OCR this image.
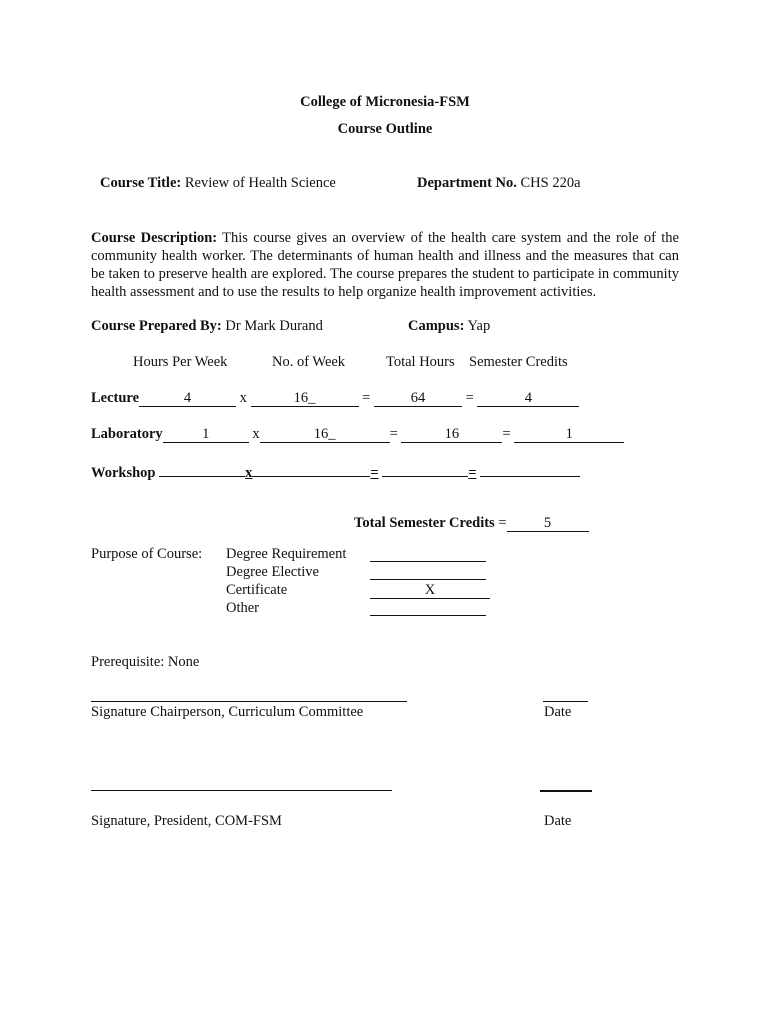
College of Micronesia-FSM
Course Outline
Course Title: Review of Health Science	Department No. CHS 220a
Course Description: This course gives an overview of the health care system and the role of the community health worker. The determinants of human health and illness and the measures that can be taken to preserve health are explored. The course prepares the student to participate in community health assessment and to use the results to help organize health improvement activities.
Course Prepared By: Dr Mark Durand	Campus: Yap
Hours Per Week	No. of Week	Total Hours Semester Credits
Lecture	4	x	16_	=	64	=	4
Laboratory	1	x	16_	=	16	=	1
Workshop	x	=	=
Total Semester Credits =	5
Purpose of Course: Degree Requirement
Degree Elective
Certificate	X
Other
Prerequisite: None
Signature Chairperson, Curriculum Committee	Date
Signature, President, COM-FSM	Date
